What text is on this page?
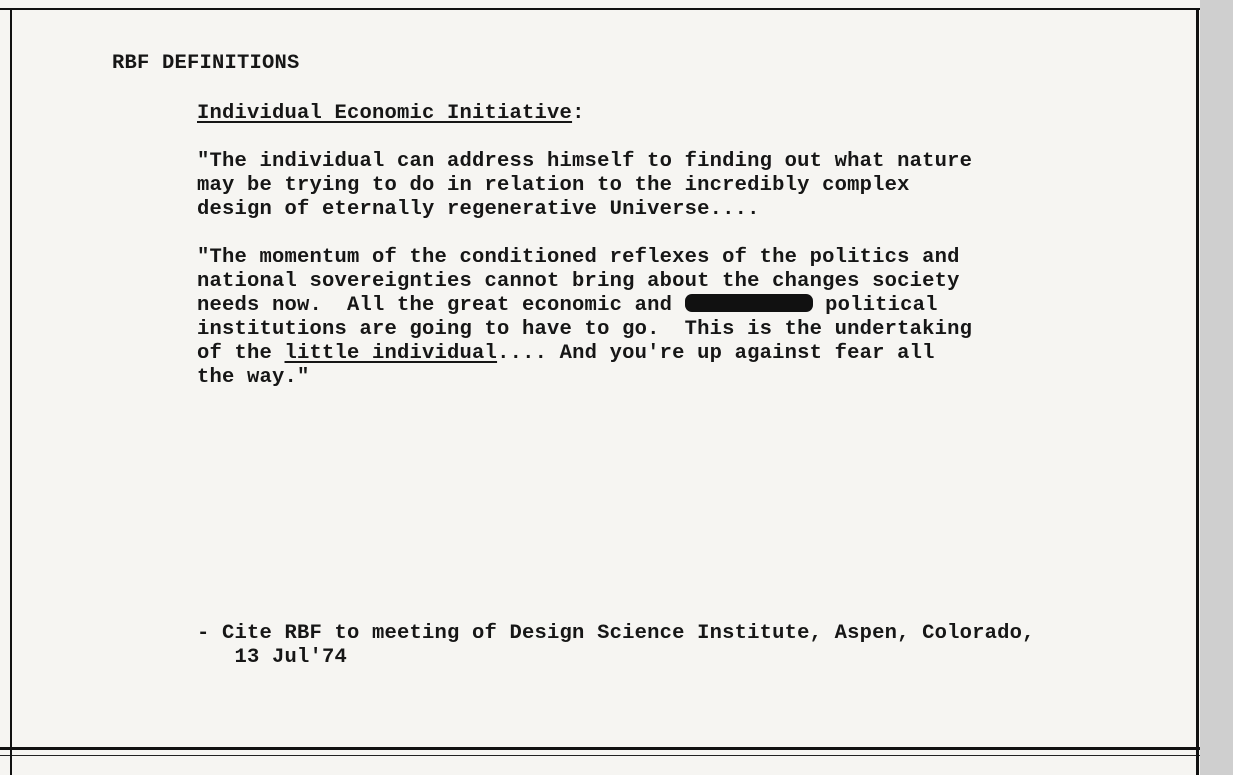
RBF DEFINITIONS
Individual Economic Initiative:
"The individual can address himself to finding out what nature
may be trying to do in relation to the incredibly complex
design of eternally regenerative Universe....
"The momentum of the conditioned reflexes of the politics and
national sovereignties cannot bring about the changes society
needs now.  All the great economic and	political
institutions are going to have to go.  This is the undertaking
of the little individual.... And you're up against fear all
the way."
- Cite RBF to meeting of Design Science Institute, Aspen, Colorado,
13 Jul'74
